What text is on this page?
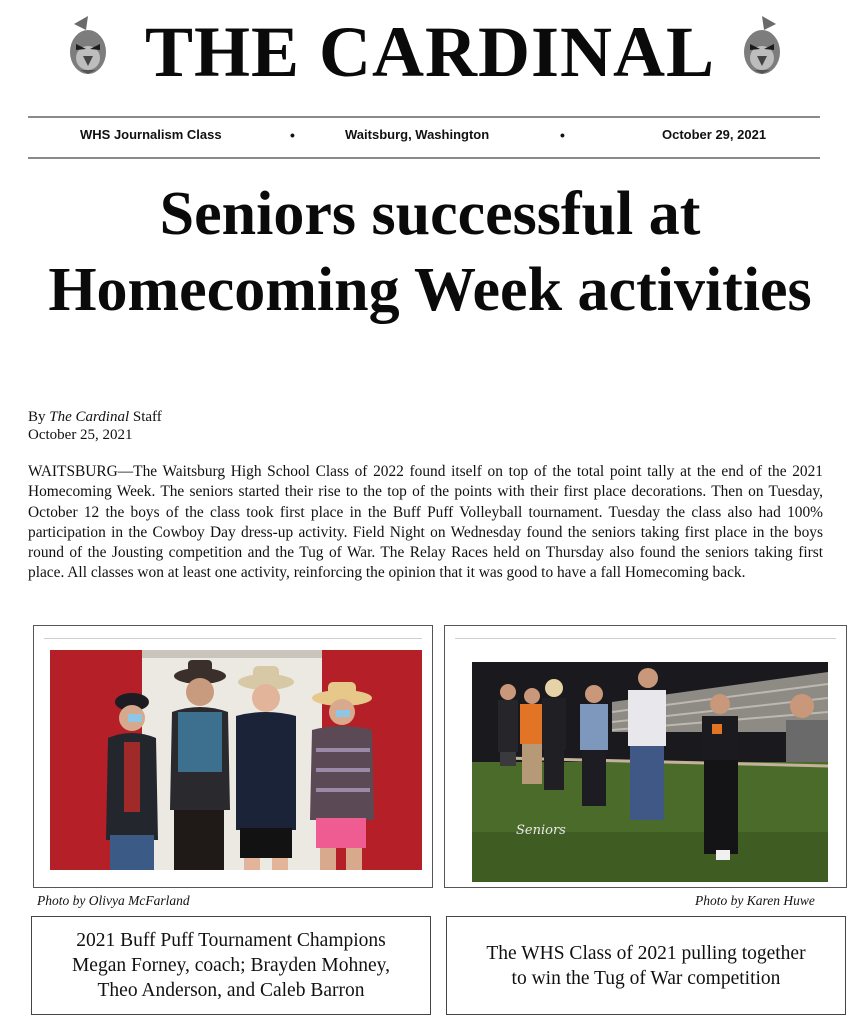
THE CARDINAL
WHS Journalism Class	•	Waitsburg, Washington	•	October 29, 2021
Seniors successful at Homecoming Week activities
By The Cardinal Staff
October 25, 2021

WAITSBURG—The Waitsburg High School Class of 2022 found itself on top of the total point tally at the end of the 2021 Homecoming Week. The seniors started their rise to the top of the points with their first place decorations. Then on Tuesday, October 12 the boys of the class took first place in the Buff Puff Volleyball tournament. Tuesday the class also had 100% participation in the Cowboy Day dress-up activity. Field Night on Wednesday found the seniors taking first place in the boys round of the Jousting competition and the Tug of War. The Relay Races held on Thursday also found the seniors taking first place. All classes won at least one activity, reinforcing the opinion that it was good to have a fall Homecoming back.

Seniors
Photo by Olivya McFarland	Photo by Karen Huwe
2021 Buff Puff Tournament Champions
Megan Forney, coach; Brayden Mohney,
Theo Anderson, and Caleb Barron
The WHS Class of 2021 pulling together
to win the Tug of War competition
